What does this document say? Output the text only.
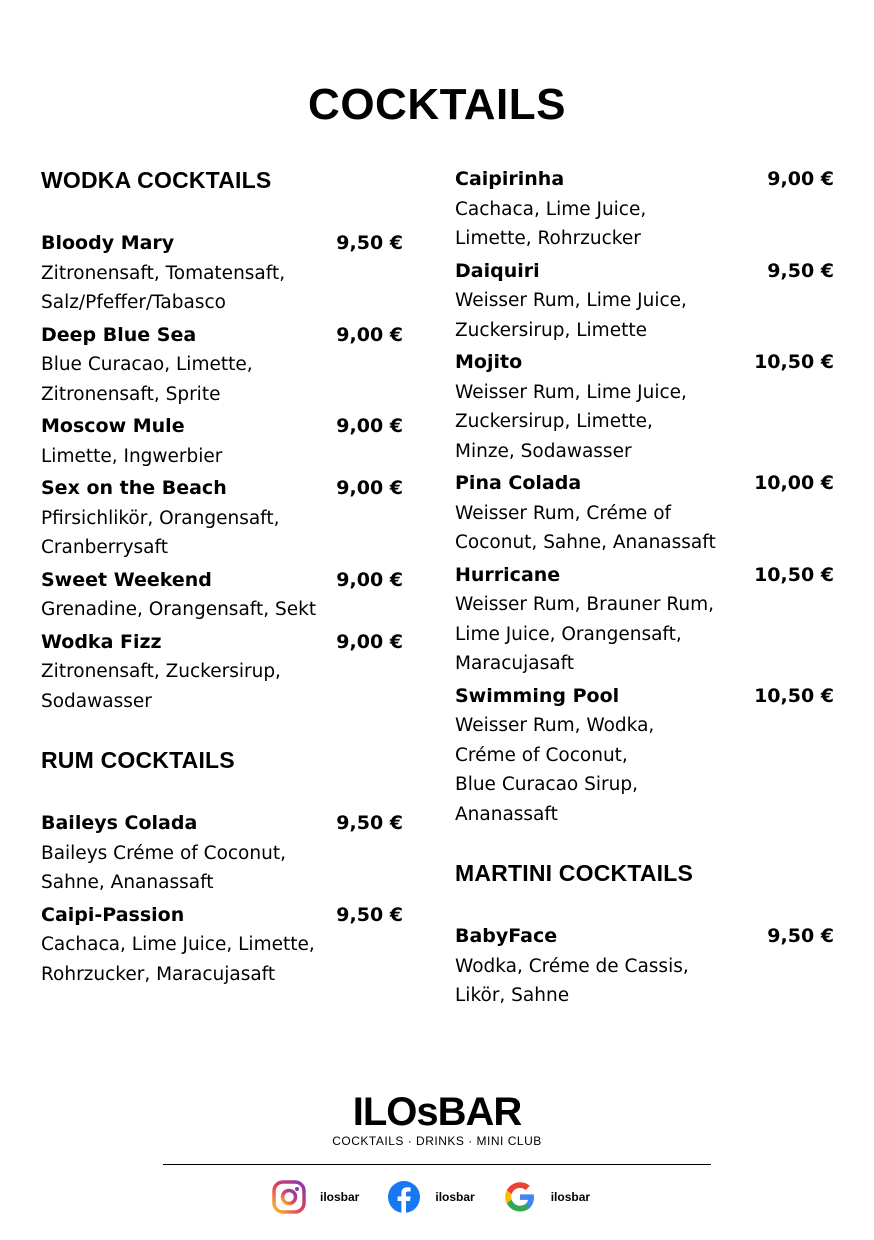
COCKTAILS
WODKA COCKTAILS
Bloody Mary	9,50 €
Zitronensaft, Tomatensaft,
Salz/Pfeffer/Tabasco
Deep Blue Sea	9,00 €
Blue Curacao, Limette,
Zitronensaft, Sprite
Moscow Mule	9,00 €
Limette, Ingwerbier
Sex on the Beach	9,00 €
Pfirsichlikör, Orangensaft,
Cranberrysaft
Sweet Weekend	9,00 €
Grenadine, Orangensaft, Sekt
Wodka Fizz	9,00 €
Zitronensaft, Zuckersirup,
Sodawasser
RUM COCKTAILS
Baileys Colada	9,50 €
Baileys Créme of Coconut,
Sahne, Ananassaft
Caipi-Passion	9,50 €
Cachaca, Lime Juice, Limette,
Rohrzucker, Maracujasaft
Caipirinha	9,00 €
Cachaca, Lime Juice,
Limette, Rohrzucker
Daiquiri	9,50 €
Weisser Rum, Lime Juice,
Zuckersirup, Limette
Mojito	10,50 €
Weisser Rum, Lime Juice,
Zuckersirup, Limette,
Minze, Sodawasser
Pina Colada	10,00 €
Weisser Rum, Créme of
Coconut, Sahne, Ananassaft
Hurricane	10,50 €
Weisser Rum, Brauner Rum,
Lime Juice, Orangensaft,
Maracujasaft
Swimming Pool	10,50 €
Weisser Rum, Wodka,
Créme of Coconut,
Blue Curacao Sirup,
Ananassaft
MARTINI COCKTAILS
BabyFace	9,50 €
Wodka, Créme de Cassis,
Likör, Sahne
ILOsBAR
COCKTAILS · DRINKS · MINI CLUB
ilosbar	ilosbar	ilosbar
